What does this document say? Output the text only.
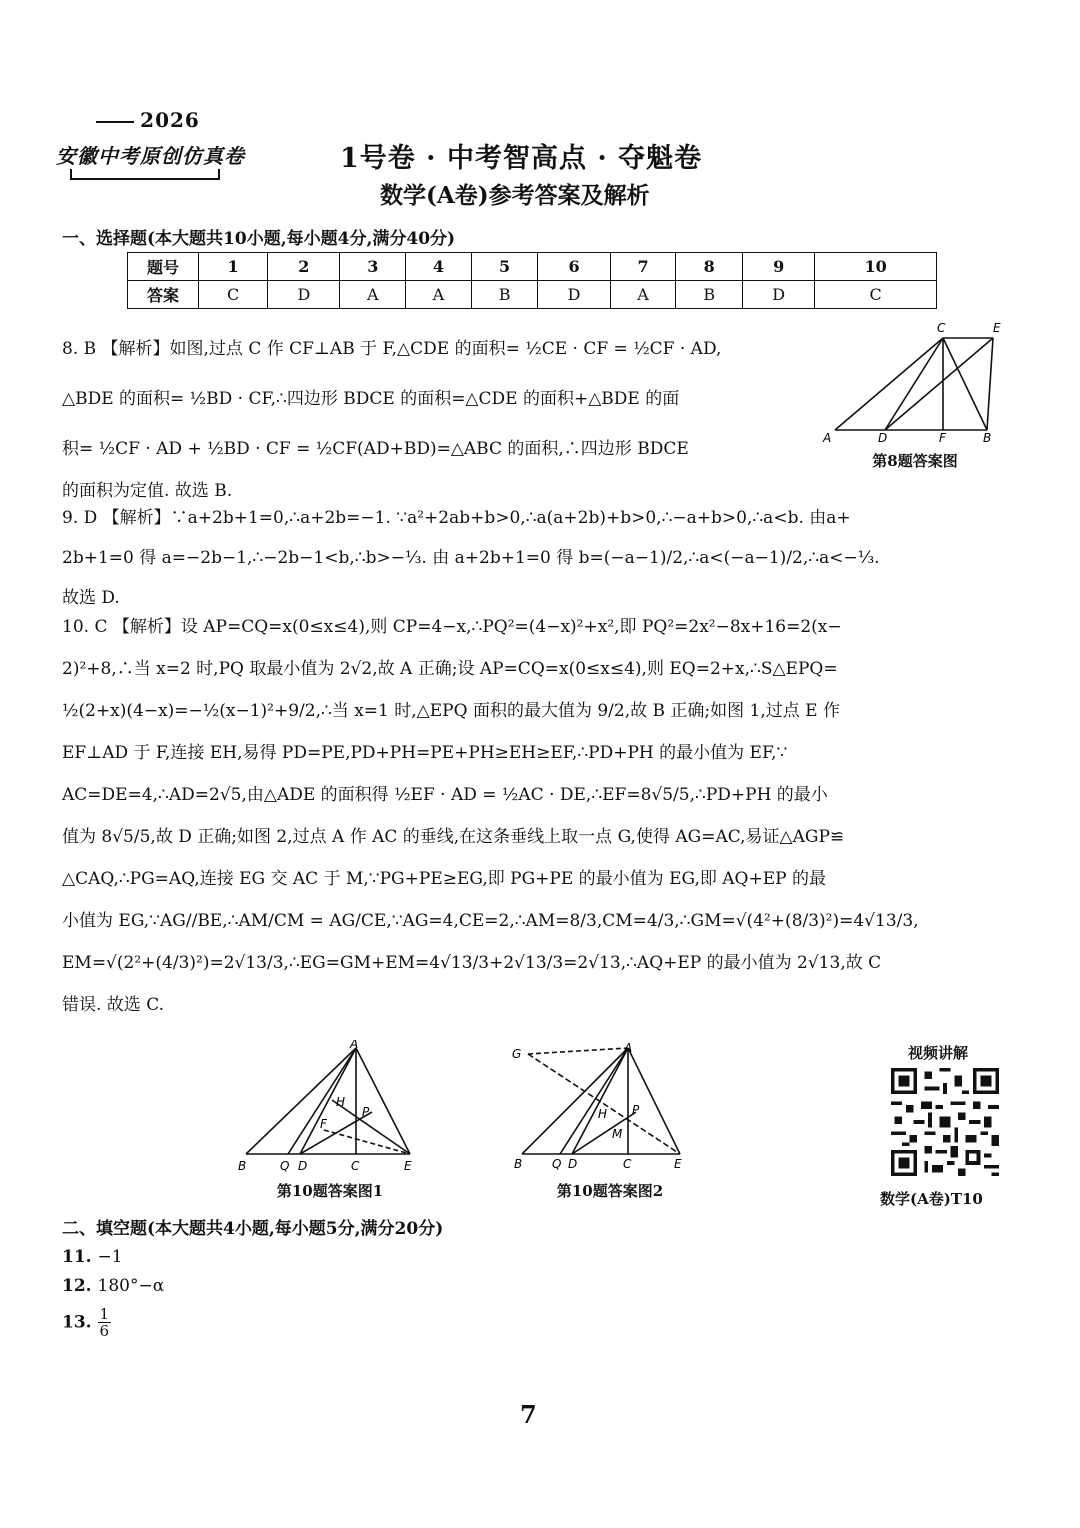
2026
安徽中考原创仿真卷	1号卷 · 中考智高点 · 夺魁卷
数学(A卷)参考答案及解析
一、选择题(本大题共10小题,每小题4分,满分40分)
题号	1	2	3	4	5	6	7	8	9	10
答案	C	D	A	A	B	D	A	B	D	C

8. B 【解析】如图,过点 C 作 CF⊥AB 于 F,△CDE 的面积= ½CE · CF = ½CF · AD,

△BDE 的面积= ½BD · CF,∴四边形 BDCE 的面积=△CDE 的面积+△BDE 的面

积= ½CF · AD + ½BD · CF = ½CF(AD+BD)=△ABC 的面积,∴四边形 BDCE

的面积为定值. 故选 B.

C	E
A	D	F	B
第8题答案图

9. D 【解析】∵a+2b+1=0,∴a+2b=−1. ∵a²+2ab+b>0,∴a(a+2b)+b>0,∴−a+b>0,∴a<b. 由a+

2b+1=0 得 a=−2b−1,∴−2b−1<b,∴b>−⅓. 由 a+2b+1=0 得 b=(−a−1)/2,∴a<(−a−1)/2,∴a<−⅓.

故选 D.

10. C 【解析】设 AP=CQ=x(0≤x≤4),则 CP=4−x,∴PQ²=(4−x)²+x²,即 PQ²=2x²−8x+16=2(x−

2)²+8,∴当 x=2 时,PQ 取最小值为 2√2,故 A 正确;设 AP=CQ=x(0≤x≤4),则 EQ=2+x,∴S△EPQ=

½(2+x)(4−x)=−½(x−1)²+9/2,∴当 x=1 时,△EPQ 面积的最大值为 9/2,故 B 正确;如图 1,过点 E 作

EF⊥AD 于 F,连接 EH,易得 PD=PE,PD+PH=PE+PH≥EH≥EF,∴PD+PH 的最小值为 EF,∵

AC=DE=4,∴AD=2√5,由△ADE 的面积得 ½EF · AD = ½AC · DE,∴EF=8√5/5,∴PD+PH 的最小

值为 8√5/5,故 D 正确;如图 2,过点 A 作 AC 的垂线,在这条垂线上取一点 G,使得 AG=AC,易证△AGP≌

△CAQ,∴PG=AQ,连接 EG 交 AC 于 M,∵PG+PE≥EG,即 PG+PE 的最小值为 EG,即 AQ+EP 的最

小值为 EG,∵AG//BE,∴AM/CM = AG/CE,∵AG=4,CE=2,∴AM=8/3,CM=4/3,∴GM=√(4²+(8/3)²)=4√13/3,

EM=√(2²+(4/3)²)=2√13/3,∴EG=GM+EM=4√13/3+2√13/3=2√13,∴AQ+EP 的最小值为 2√13,故 C

错误. 故选 C.

A
H
P
F
B	Q D	C	E
第10题答案图1
G	A
H P
M
B Q D	C	E
第10题答案图2
视频讲解
数学(A卷)T10
二、填空题(本大题共4小题,每小题5分,满分20分)
11. −1
12. 180°−α
13. $\frac{1}{6}$
7
